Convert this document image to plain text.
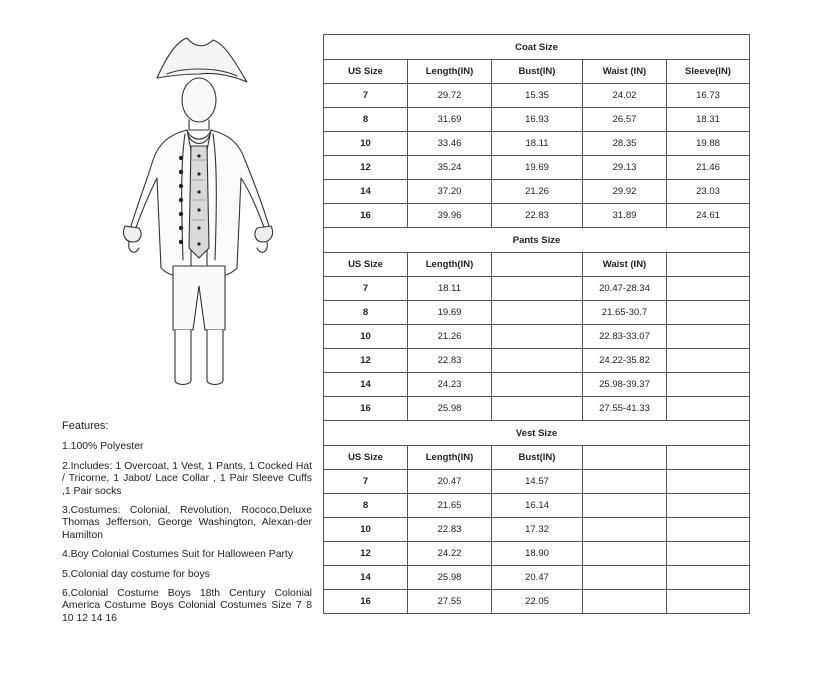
Features:
1.100% Polyester
2.Includes: 1 Overcoat, 1 Vest, 1 Pants, 1 Cocked Hat / Tricorne, 1 Jabot/ Lace Collar , 1 Pair Sleeve Cuffs ,1 Pair socks
3.Costumes: Colonial, Revolution, Rococo,Deluxe Thomas Jefferson, George Washington, Alexan-der Hamilton
4.Boy Colonial Costumes Suit for Halloween Party
5.Colonial day costume for boys
6.Colonial Costume Boys 18th Century Colonial America Costume Boys Colonial Costumes Size 7 8 10 12 14 16
Coat Size				
US Size	Length(IN)	Bust(IN)	Waist (IN)	Sleeve(IN)
7	29.72	15.35	24.02	16.73
8	31.69	16.93	26.57	18.31
10	33.46	18.11	28.35	19.88
12	35.24	19.69	29.13	21.46
14	37.20	21.26	29.92	23.03
16	39.96	22.83	31.89	24.61
Pants Size				
US Size	Length(IN)		Waist (IN)	
7	18.11		20.47-28.34	
8	19.69		21.65-30.7	
10	21.26		22.83-33.07	
12	22.83		24.22-35.82	
14	24.23		25.98-39.37	
16	25.98		27.55-41.33	
Vest Size				
US Size	Length(IN)	Bust(IN)		
7	20.47	14.57		
8	21.65	16.14		
10	22.83	17.32		
12	24.22	18.90		
14	25.98	20.47		
16	27.55	22.05		
